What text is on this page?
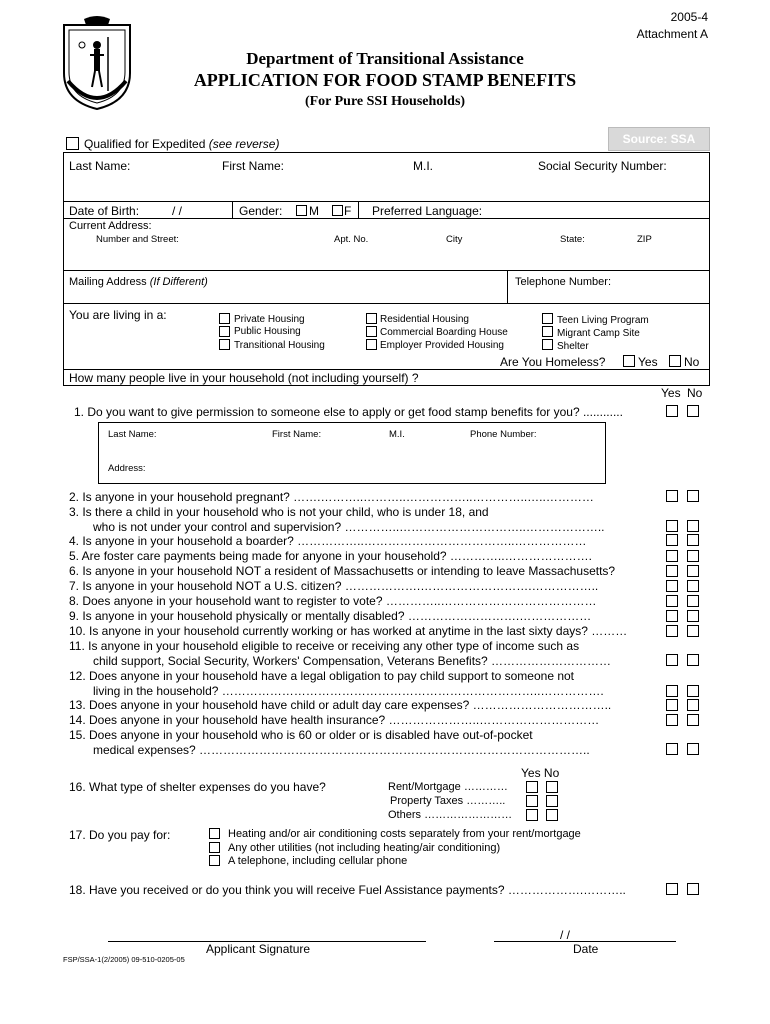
2005-4
Attachment A
Department of Transitional Assistance
APPLICATION FOR FOOD STAMP BENEFITS
(For Pure SSI Households)
Qualified for Expedited (see reverse)	Source: SSA
Last Name:	First Name:	M.I.	Social Security Number:
Date of Birth:	/ /	Gender: M F Preferred Language:
Current Address:
Number and Street:	Apt. No.	City	State:	ZIP
Mailing Address (If Different)	Telephone Number:
You are living in a:	Private Housing
Public Housing
Transitional Housing
Residential Housing
Commercial Boarding House
Employer Provided Housing
Teen Living Program
Migrant Camp Site
Shelter
Are You Homeless?	Yes No
How many people live in your household (not including yourself) ?
Yes No
1. Do you want to give permission to someone else to apply or get food stamp benefits for you? ............
Last Name:	First Name:	M.I.	Phone Number:
Address:
2. Is anyone in your household pregnant? …….………..………..……………..…………..…..…………
3. Is there a child in your household who is not your child, who is under 18, and
who is not under your control and supervision? …………..…………………………..………………..
4. Is anyone in your household a boarder? ……………..………………………………..………………
5. Are foster care payments being made for anyone in your household? …………..………………….
6. Is anyone in your household NOT a resident of Massachusetts or intending to leave Massachusetts?
7. Is anyone in your household NOT a U.S. citizen? ……………….……………………….……………..
8. Does anyone in your household want to register to vote? …………..…………………………………
9. Is anyone in your household physically or mentally disabled? ……………………….………………
10. Is anyone in your household currently working or has worked at anytime in the last sixty days? ………
11. Is anyone in your household eligible to receive or receiving any other type of income such as
child support, Social Security, Workers' Compensation, Veterans Benefits? …………………………
12. Does anyone in your household have a legal obligation to pay child support to someone not
living in the household? ……………………………………………………………………..…………….
13. Does anyone in your household have child or adult day care expenses? ……………………………..
14. Does anyone in your household have health insurance? …………………..…………………………
15. Does anyone in your household who is 60 or older or is disabled have out-of-pocket
medical expenses? ……………………………………………………………………………………..
Yes No
16. What type of shelter expenses do you have?	Rent/Mortgage …………
Property Taxes ………..
Others ……………………
17. Do you pay for:	Heating and/or air conditioning costs separately from your rent/mortgage
Any other utilities (not including heating/air conditioning)
A telephone, including cellular phone
18. Have you received or do you think you will receive Fuel Assistance payments? ……………….………..
/ /
Applicant Signature	Date
FSP/SSA-1(2/2005) 09-510-0205-05
